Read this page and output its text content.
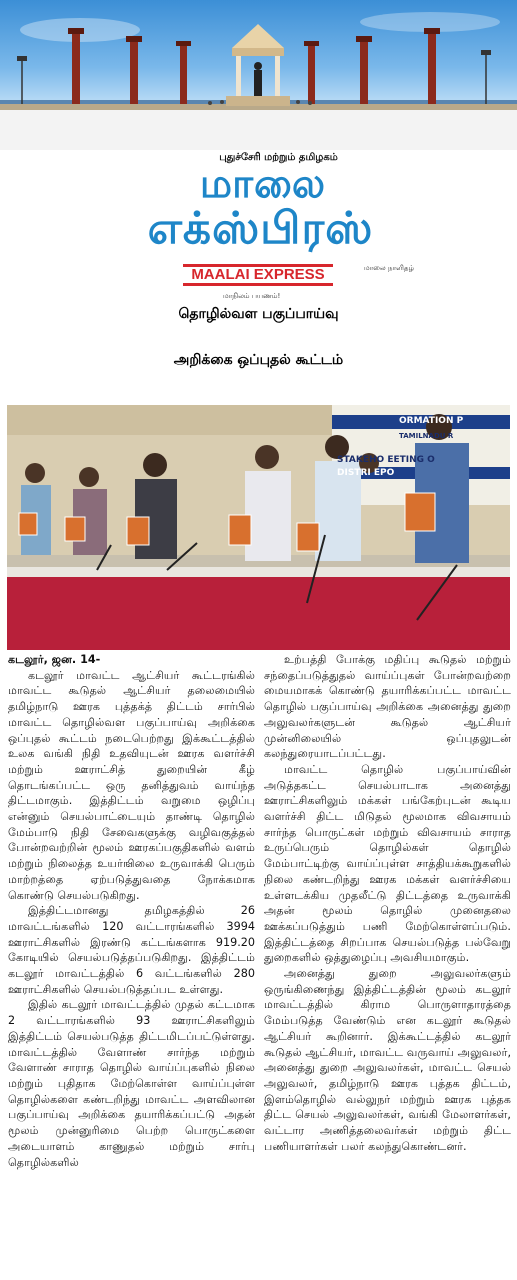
புதுச்சேரி மற்றும் தமிழகம்
மாலை
எக்ஸ்பிரஸ்
MAALAI EXPRESS	மாலை நாளிதழ்
மாநிலம் பயணம்!
தொழில்வள பகுப்பாய்வு
அறிக்கை ஒப்புதல் கூட்டம்
ORMATION P
TAMILNADU R
STAKEHO EETING O
DISTRI EPO
கடலூர், ஜன. 14-

கடலூர் மாவட்ட ஆட்சியர் கூட்டரங்கில் மாவட்ட கூடுதல் ஆட்சியர் தலைமையில் தமிழ்நாடு ஊரக புத்தக்த் திட்டம் சார்பில் மாவட்ட தொழில்வள பகுப்பாய்வு அறிக்கை ஒப்புதல் கூட்டம் நடைபெற்றது இக்கூட்டத்தில் உலக வங்கி நிதி உதவியுடன் ஊரக வளர்ச்சி மற்றும் ஊராட்சித் துறையின் கீழ் தொடங்கப்பட்ட ஒரு தனித்துவம் வாய்ந்த திட்டமாகும். இத்திட்டம் வறுமை ஒழிப்பு என்னும் செயல்பாட்டையும் தாண்டி தொழில் மேம்பாடு நிதி சேவைகளுக்கு வழிவகுத்தல் போன்றவற்றின் மூலம் ஊரகப்பகுதிகளில் வளம் மற்றும் நிலைத்த உயர்ஙிலை உருவாக்கி பெரும் மாற்றத்தை ஏற்படுத்துவதை நோக்கமாக கொண்டு செயல்படுகிறது.

இத்திட்டமானது தமிழகத்தில் 26 மாவட்டங்களில் 120 வட்டாரங்களில் 3994 ஊராட்சிகளில் இரண்டு கட்டங்களாக 919.20 கோடியில் செயல்படுத்தப்படுகிறது. இத்திட்டம் கடலூர் மாவட்டத்தில் 6 வட்டங்களில் 280 ஊராட்சிகளில் செயல்படுத்தப்பட உள்ளது.

இதில் கடலூர் மாவட்டத்தில் முதல் கட்டமாக 2 வட்டாரங்களில் 93 ஊராட்சிகளிலும் இத்திட்டம் செயல்படுத்த திட்டமிடப்பட்டுள்ளது. மாவட்டத்தில் வேளாண் சார்ந்த மற்றும் வேளாண் சாராத தொழில் வாய்ப்புகளில் நிலை மற்றும் புதிதாக மேற்கொள்ள வாய்ப்புள்ள தொழில்களை கண்டறிந்து மாவட்ட அளவிலான பகுப்பாய்வு அறிக்கை தயாரிக்கப்பட்டு அதன் மூலம் முன்னுரிமை பெற்ற பொருட்களை அடையாளம் காணுதல் மற்றும் சார்பு தொழில்களில்

உற்பத்தி போக்கு மதிப்பு கூடுதல் மற்றும் சந்தைப்படுத்துதல் வாய்ப்புகள் போன்றவற்றை மையமாகக் கொண்டு தயாரிக்கப்பட்ட மாவட்ட தொழில் பகுப்பாய்வு அறிக்கை அனைத்து துறை அலுவலர்களுடன் கூடுதல் ஆட்சியர் முன்னிலையில் ஒப்புதலுடன் கலந்துரையாடப்பட்டது.

மாவட்ட தொழில் பகுப்பாய்வின் அடுத்தகட்ட செயல்பாடாக அனைத்து ஊராட்சிகளிலும் மக்கள் பங்கேற்புடன் கூடிய வளர்ச்சி திட்ட மிடுதல் மூலமாக விவசாயம் சார்ந்த பொருட்கள் மற்றும் விவசாயம் சாராத உருப்பெரும் தொழில்கள் தொழில் மேம்பாட்டிற்கு வாய்ப்புள்ள சாத்தியக்கூறுகளில் நிலை கண்டறிந்து ஊரக மக்கள் வளர்ச்சியை உள்ளடக்கிய முதலீட்டு திட்டத்தை உருவாக்கி அதன் மூலம் தொழில் முனைதலை ஊக்கப்படுத்தும் பணி மேற்கொள்ளப்படும். இத்திட்டத்தை சிறப்பாக செயல்படுத்த பல்வேறு துறைகளில் ஒத்துழைப்பு அவசியமாகும்.

அனைத்து துறை அலுவலர்களும் ஒருங்கிணைந்து இத்திட்டத்தின் மூலம் கடலூர் மாவட்டத்தில் கிராம பொருளாதாரத்தை மேம்படுத்த வேண்டும் என கடலூர் கூடுதல் ஆட்சியர் கூறினார். இக்கூட்டத்தில் கடலூர் கூடுதல் ஆட்சியர், மாவட்ட வருவாய் அலுவலர், அனைத்து துறை அலுவலர்கள், மாவட்ட செயல் அலுவலர், தமிழ்நாடு ஊரக புத்தக திட்டம், இளம்தொழில் வல்லுநர் மற்றும் ஊரக புத்தக திட்ட செயல் அலுவலர்கள், வங்கி மேலாளர்கள், வட்டார அணித்தலைவர்கள் மற்றும் திட்ட பணியாளர்கள் பலர் கலந்துகொண்டனர்.
